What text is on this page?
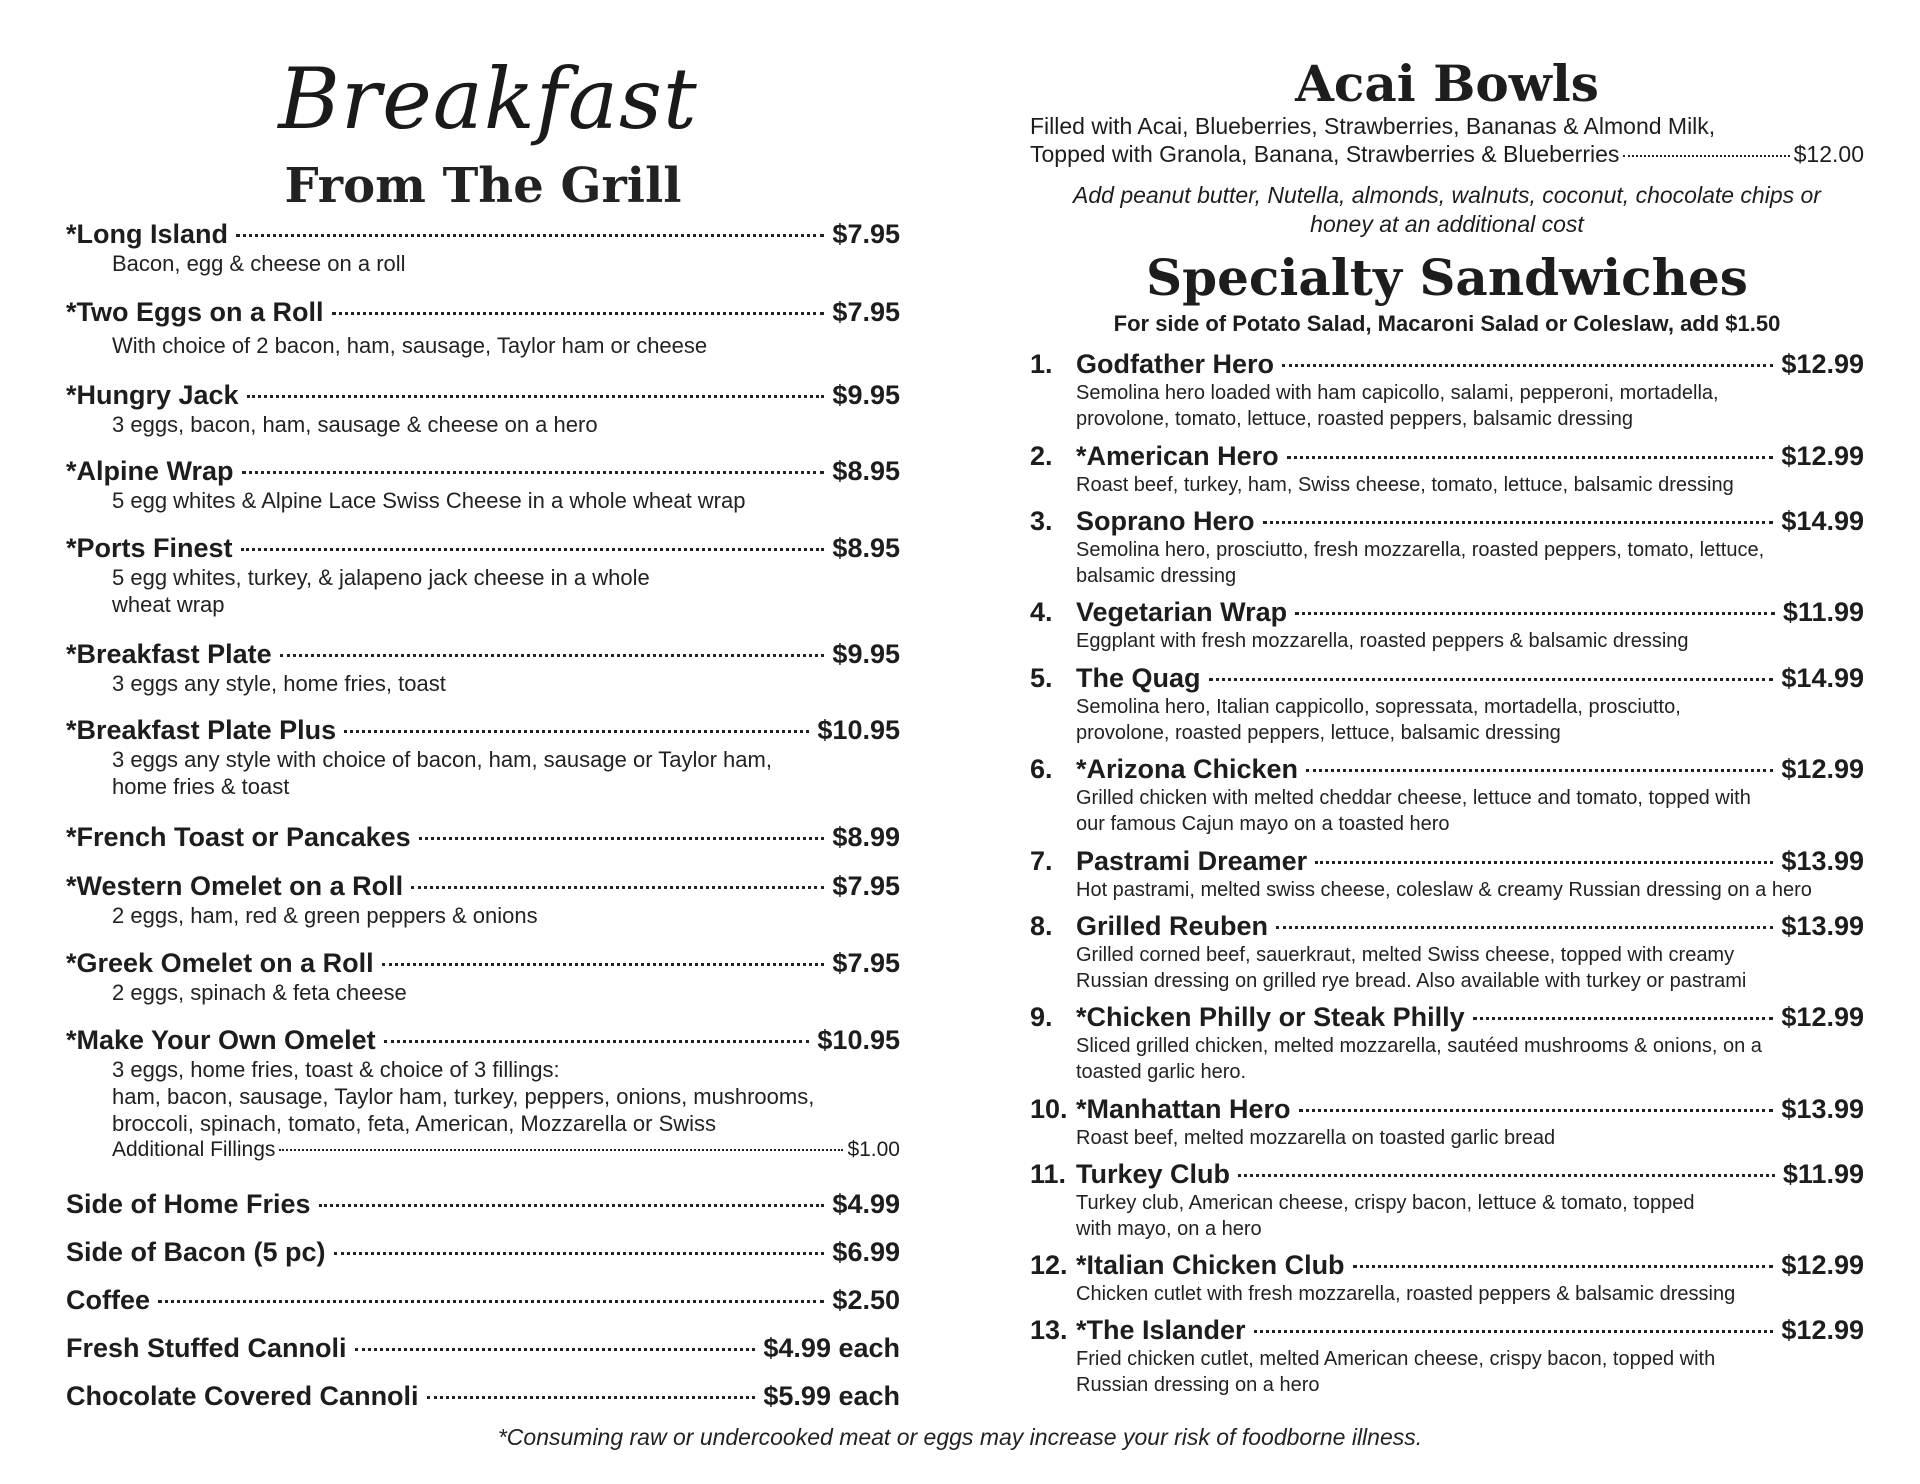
Breakfast
From The Grill
*Long Island	$7.95
Bacon, egg & cheese on a roll
*Two Eggs on a Roll	$7.95
With choice of 2 bacon, ham, sausage, Taylor ham or cheese
*Hungry Jack	$9.95
3 eggs, bacon, ham, sausage & cheese on a hero
*Alpine Wrap	$8.95
5 egg whites & Alpine Lace Swiss Cheese in a whole wheat wrap
*Ports Finest	$8.95
5 egg whites, turkey, & jalapeno jack cheese in a whole
wheat wrap
*Breakfast Plate	$9.95
3 eggs any style, home fries, toast
*Breakfast Plate Plus	$10.95
3 eggs any style with choice of bacon, ham, sausage or Taylor ham,
home fries & toast
*French Toast or Pancakes	$8.99
*Western Omelet on a Roll	$7.95
2 eggs, ham, red & green peppers & onions
*Greek Omelet on a Roll	$7.95
2 eggs, spinach & feta cheese
*Make Your Own Omelet	$10.95
3 eggs, home fries, toast & choice of 3 fillings:
ham, bacon, sausage, Taylor ham, turkey, peppers, onions, mushrooms,
broccoli, spinach, tomato, feta, American, Mozzarella or Swiss
Additional Fillings	$1.00
Side of Home Fries	$4.99
Side of Bacon (5 pc)	$6.99
Coffee	$2.50
Fresh Stuffed Cannoli	$4.99 each
Chocolate Covered Cannoli	$5.99 each
Acai Bowls
Filled with Acai, Blueberries, Strawberries, Bananas & Almond Milk,
Topped with Granola, Banana, Strawberries & Blueberries	$12.00
Add peanut butter, Nutella, almonds, walnuts, coconut, chocolate chips or honey at an additional cost
Specialty Sandwiches
For side of Potato Salad, Macaroni Salad or Coleslaw, add $1.50
1. Godfather Hero	$12.99
Semolina hero loaded with ham capicollo, salami, pepperoni, mortadella,
provolone, tomato, lettuce, roasted peppers, balsamic dressing
2. *American Hero	$12.99
Roast beef, turkey, ham, Swiss cheese, tomato, lettuce, balsamic dressing
3. Soprano Hero	$14.99
Semolina hero, prosciutto, fresh mozzarella, roasted peppers, tomato, lettuce,
balsamic dressing
4. Vegetarian Wrap	$11.99
Eggplant with fresh mozzarella, roasted peppers & balsamic dressing
5. The Quag	$14.99
Semolina hero, Italian cappicollo, sopressata, mortadella, prosciutto,
provolone, roasted peppers, lettuce, balsamic dressing
6. *Arizona Chicken	$12.99
Grilled chicken with melted cheddar cheese, lettuce and tomato, topped with
our famous Cajun mayo on a toasted hero
7. Pastrami Dreamer	$13.99
Hot pastrami, melted swiss cheese, coleslaw & creamy Russian dressing on a hero
8. Grilled Reuben	$13.99
Grilled corned beef, sauerkraut, melted Swiss cheese, topped with creamy
Russian dressing on grilled rye bread. Also available with turkey or pastrami
9. *Chicken Philly or Steak Philly	$12.99
Sliced grilled chicken, melted mozzarella, sautéed mushrooms & onions, on a
toasted garlic hero.
10. *Manhattan Hero	$13.99
Roast beef, melted mozzarella on toasted garlic bread
11. Turkey Club	$11.99
Turkey club, American cheese, crispy bacon, lettuce & tomato, topped
with mayo, on a hero
12. *Italian Chicken Club	$12.99
Chicken cutlet with fresh mozzarella, roasted peppers & balsamic dressing
13. *The Islander	$12.99
Fried chicken cutlet, melted American cheese, crispy bacon, topped with
Russian dressing on a hero
*Consuming raw or undercooked meat or eggs may increase your risk of foodborne illness.
